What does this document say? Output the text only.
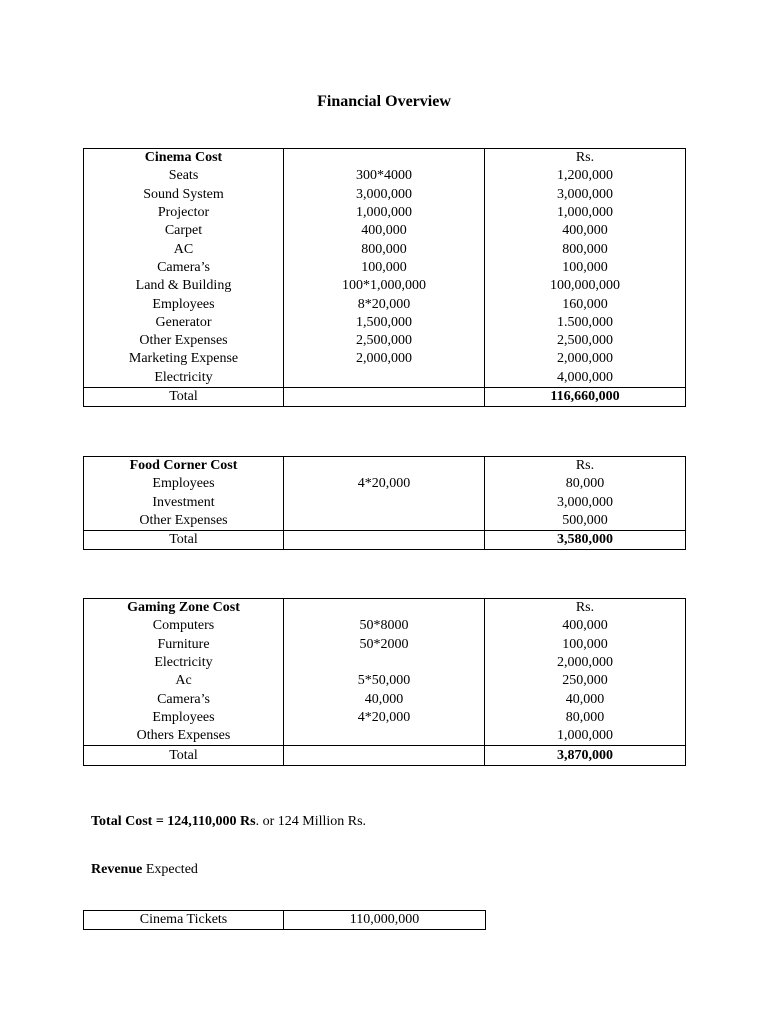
Financial Overview
Cinema Cost		Rs.
Seats	300*4000	1,200,000
Sound System	3,000,000	3,000,000
Projector	1,000,000	1,000,000
Carpet	400,000	400,000
AC	800,000	800,000
Camera’s	100,000	100,000
Land & Building	100*1,000,000	100,000,000
Employees	8*20,000	160,000
Generator	1,500,000	1.500,000
Other Expenses	2,500,000	2,500,000
Marketing Expense	2,000,000	2,000,000
Electricity		4,000,000
Total		116,660,000
Food Corner Cost		Rs.
Employees	4*20,000	80,000
Investment		3,000,000
Other Expenses		500,000
Total		3,580,000
Gaming Zone Cost		Rs.
Computers	50*8000	400,000
Furniture	50*2000	100,000
Electricity		2,000,000
Ac	5*50,000	250,000
Camera’s	40,000	40,000
Employees	4*20,000	80,000
Others Expenses		1,000,000
Total		3,870,000
Total Cost = 124,110,000 Rs. or 124 Million Rs.
Revenue Expected
Cinema Tickets	110,000,000
